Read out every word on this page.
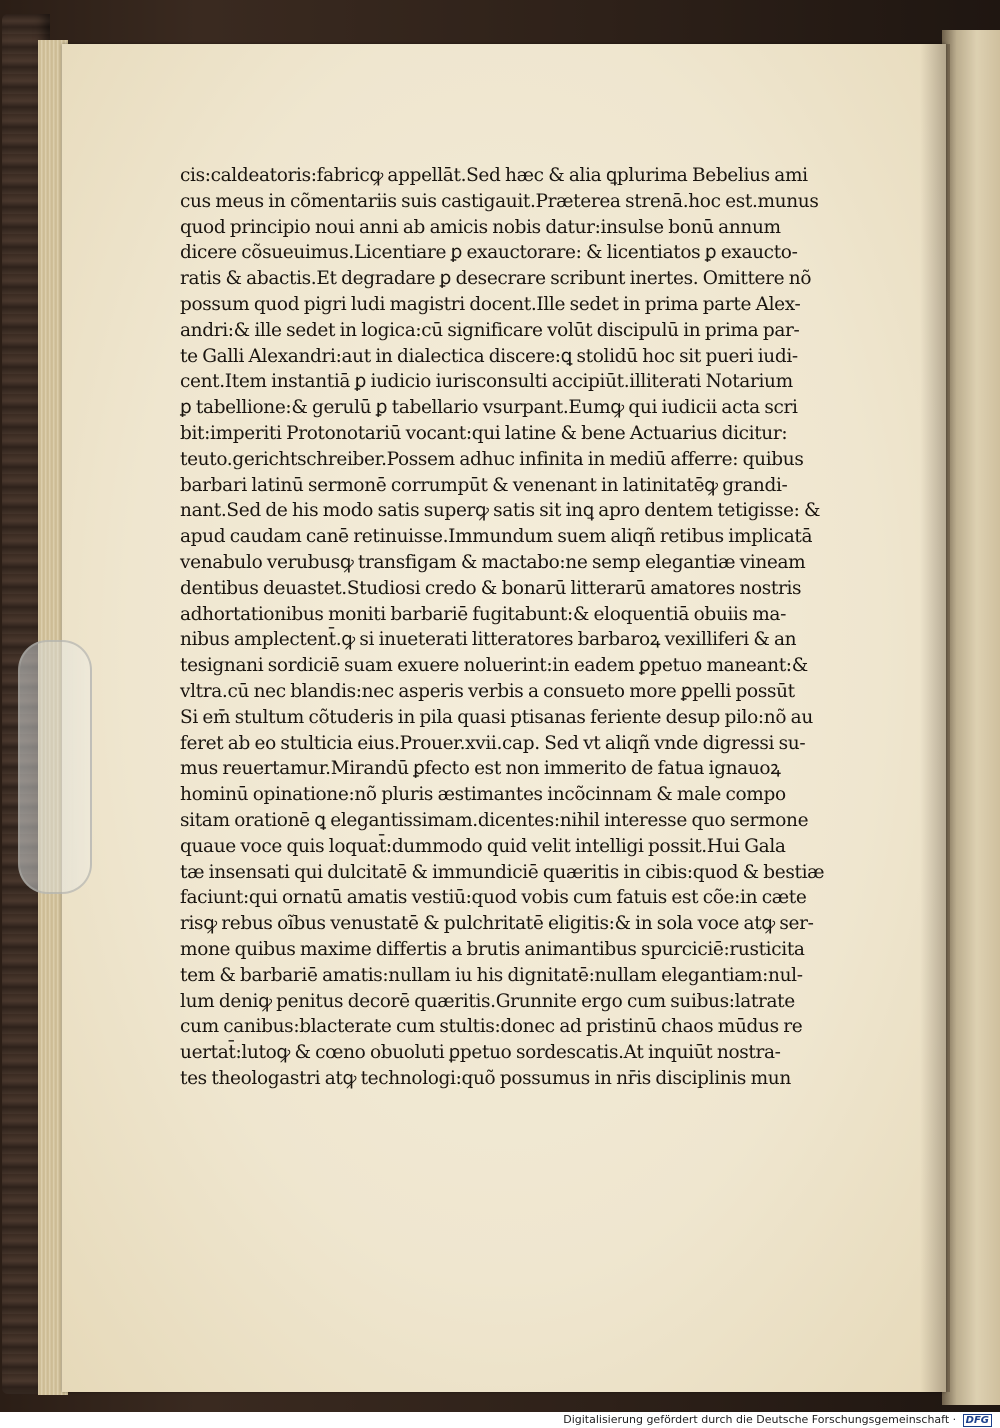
cis:caldeatoris:fabricꝙ appellāt.Sed hæc & alia ꝗplurima Bebelius ami
cus meus in cõmentariis suis castigauit.Præterea strenā.hoc est.munus
quod principio noui anni ab amicis nobis datur:insulse bonū annum
dicere cõsueuimus.Licentiare ꝑ exauctorare: & licentiatos ꝑ exaucto-
ratis & abactis.Et degradare ꝑ desecrare scribunt inertes. Omittere nõ
possum quod pigri ludi magistri docent.Ille sedet in prima parte Alex-
andri:& ille sedet in logica:cū significare volūt discipulū in prima par-
te Galli Alexandri:aut in dialectica discere:ꝗ stolidū hoc sit pueri iudi-
cent.Item instantiā ꝑ iudicio iurisconsulti accipiūt.illiterati Notarium
ꝑ tabellione:& gerulū ꝑ tabellario vsurpant.Eumꝙ qui iudicii acta scri
bit:imperiti Protonotariū vocant:qui latine & bene Actuarius dicitur:
teuto.gerichtschreiber.Possem adhuc infinita in mediū afferre: quibus
barbari latinū sermonē corrumpūt & venenant in latinitatēꝙ grandi-
nant.Sed de his modo satis superꝙ satis sit inꝗ apro dentem tetigisse: &
apud caudam canē retinuisse.Immundum suem aliqñ retibus implicatā
venabulo verubusꝙ transfigam & mactabo:ne semp elegantiæ vineam
dentibus deuastet.Studiosi credo & bonarū litterarū amatores nostris
adhortationibus moniti barbariē fugitabunt:& eloquentiā obuiis ma-
nibus amplectent̄.ꝙ si inueterati litteratores barbaroꝝ vexilliferi & an
tesignani sordiciē suam exuere noluerint:in eadem ꝑpetuo maneant:&
vltra.cū nec blandis:nec asperis verbis a consueto more ꝑpelli possūt
Si em̄ stultum cõtuderis in pila quasi ptisanas feriente desup pilo:nõ au
feret ab eo stulticia eius.Prouer.xvii.cap. Sed vt aliqñ vnde digressi su-
mus reuertamur.Mirandū ꝑfecto est non immerito de fatua ignauoꝝ
hominū opinatione:nõ pluris æstimantes incõcinnam & male compo
sitam orationē ꝗ elegantissimam.dicentes:nihil interesse quo sermone
quaue voce quis loquat̄:dummodo quid velit intelligi possit.Hui Gala
tæ insensati qui dulcitatē & immundiciē quæritis in cibis:quod & bestiæ
faciunt:qui ornatū amatis vestiū:quod vobis cum fatuis est cõe:in cæte
risꝙ rebus oĩbus venustatē & pulchritatē eligitis:& in sola voce atꝙ ser-
mone quibus maxime differtis a brutis animantibus spurciciē:rusticita
tem & barbariē amatis:nullam iu his dignitatē:nullam elegantiam:nul-
lum deniꝙ penitus decorē quæritis.Grunnite ergo cum suibus:latrate
cum canibus:blacterate cum stultis:donec ad pristinū chaos mūdus re
uertat̄:lutoꝙ & cœno obuoluti ꝑpetuo sordescatis.At inquiūt nostra-
tes theologastri atꝙ technologi:quõ possumus in nr̄is disciplinis mun
Digitalisierung gefördert durch die Deutsche Forschungsgemeinschaft · DFG
